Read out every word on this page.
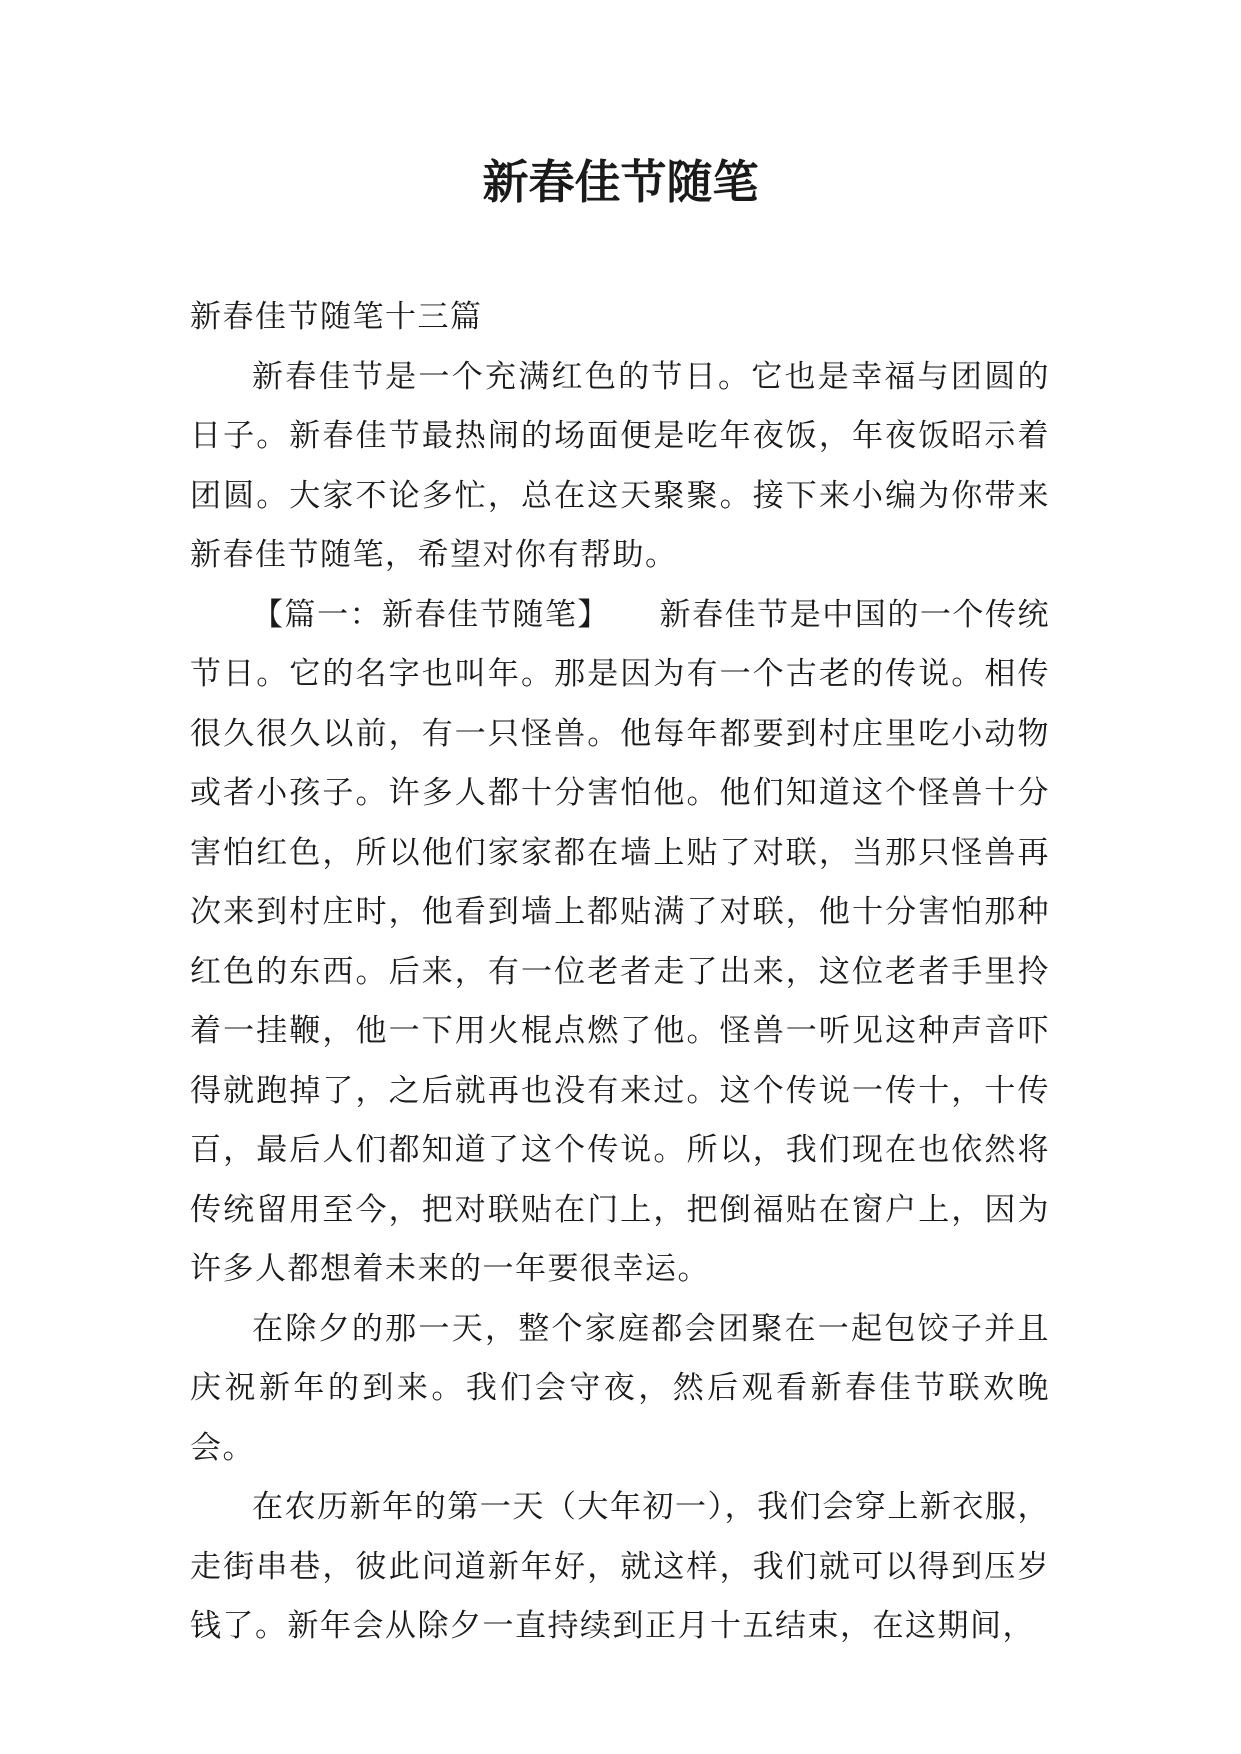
新春佳节随笔

新春佳节随笔十三篇

新春佳节是一个充满红色的节日。它也是幸福与团圆的日子。新春佳节最热闹的场面便是吃年夜饭，年夜饭昭示着团圆。大家不论多忙，总在这天聚聚。接下来小编为你带来新春佳节随笔，希望对你有帮助。

【篇一：新春佳节随笔】　　新春佳节是中国的一个传统节日。它的名字也叫年。那是因为有一个古老的传说。相传很久很久以前，有一只怪兽。他每年都要到村庄里吃小动物或者小孩子。许多人都十分害怕他。他们知道这个怪兽十分害怕红色，所以他们家家都在墙上贴了对联，当那只怪兽再次来到村庄时，他看到墙上都贴满了对联，他十分害怕那种红色的东西。后来，有一位老者走了出来，这位老者手里拎着一挂鞭，他一下用火棍点燃了他。怪兽一听见这种声音吓得就跑掉了，之后就再也没有来过。这个传说一传十，十传百，最后人们都知道了这个传说。所以，我们现在也依然将传统留用至今，把对联贴在门上，把倒福贴在窗户上，因为许多人都想着未来的一年要很幸运。

在除夕的那一天，整个家庭都会团聚在一起包饺子并且庆祝新年的到来。我们会守夜，然后观看新春佳节联欢晚会。

在农历新年的第一天（大年初一），我们会穿上新衣服，走街串巷，彼此问道新年好，就这样，我们就可以得到压岁钱了。新年会从除夕一直持续到正月十五结束，在这期间，
